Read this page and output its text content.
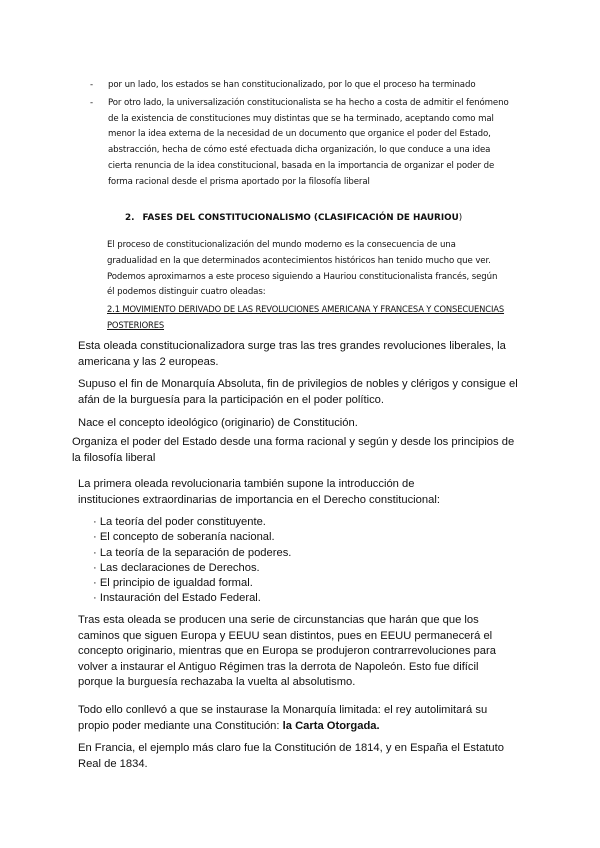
- por un lado, los estados se han constitucionalizado, por lo que el proceso ha terminado
- Por otro lado, la universalización constitucionalista se ha hecho a costa de admitir el fenómeno de la existencia de constituciones muy distintas que se ha terminado, aceptando como mal menor la idea externa de la necesidad de un documento que organice el poder del Estado, abstracción, hecha de cómo esté efectuada dicha organización, lo que conduce a una idea cierta renuncia de la idea constitucional, basada en la importancia de organizar el poder de forma racional desde el prisma aportado por la filosofía liberal
2. FASES DEL CONSTITUCIONALISMO (CLASIFICACIÓN DE HAURIOU)
El proceso de constitucionalización del mundo moderno es la consecuencia de una gradualidad en la que determinados acontecimientos históricos han tenido mucho que ver. Podemos aproximarnos a este proceso siguiendo a Hauriou constitucionalista francés, según él podemos distinguir cuatro oleadas:
2.1 MOVIMIENTO DERIVADO DE LAS REVOLUCIONES AMERICANA Y FRANCESA Y CONSECUENCIAS POSTERIORES

Esta oleada constitucionalizadora surge tras las tres grandes revoluciones liberales, la americana y las 2 europeas.

Supuso el fin de Monarquía Absoluta, fin de privilegios de nobles y clérigos y consigue el afán de la burguesía para la participación en el poder político.

Nace el concepto ideológico (originario) de Constitución.

Organiza el poder del Estado desde una forma racional y según y desde los principios de la filosofía liberal

La primera oleada revolucionaria también supone la introducción de instituciones extraordinarias de importancia en el Derecho constitucional:

· La teoría del poder constituyente.
· El concepto de soberanía nacional.
· La teoría de la separación de poderes.
· Las declaraciones de Derechos.
· El principio de igualdad formal.
· Instauración del Estado Federal.

Tras esta oleada se producen una serie de circunstancias que harán que que los caminos que siguen Europa y EEUU sean distintos, pues en EEUU permanecerá el concepto originario, mientras que en Europa se produjeron contrarrevoluciones para volver a instaurar el Antiguo Régimen tras la derrota de Napoleón. Esto fue difícil porque la burguesía rechazaba la vuelta al absolutismo.

Todo ello conllevó a que se instaurase la Monarquía limitada: el rey autolimitará su propio poder mediante una Constitución: la Carta Otorgada.

En Francia, el ejemplo más claro fue la Constitución de 1814, y en España el Estatuto Real de 1834.
